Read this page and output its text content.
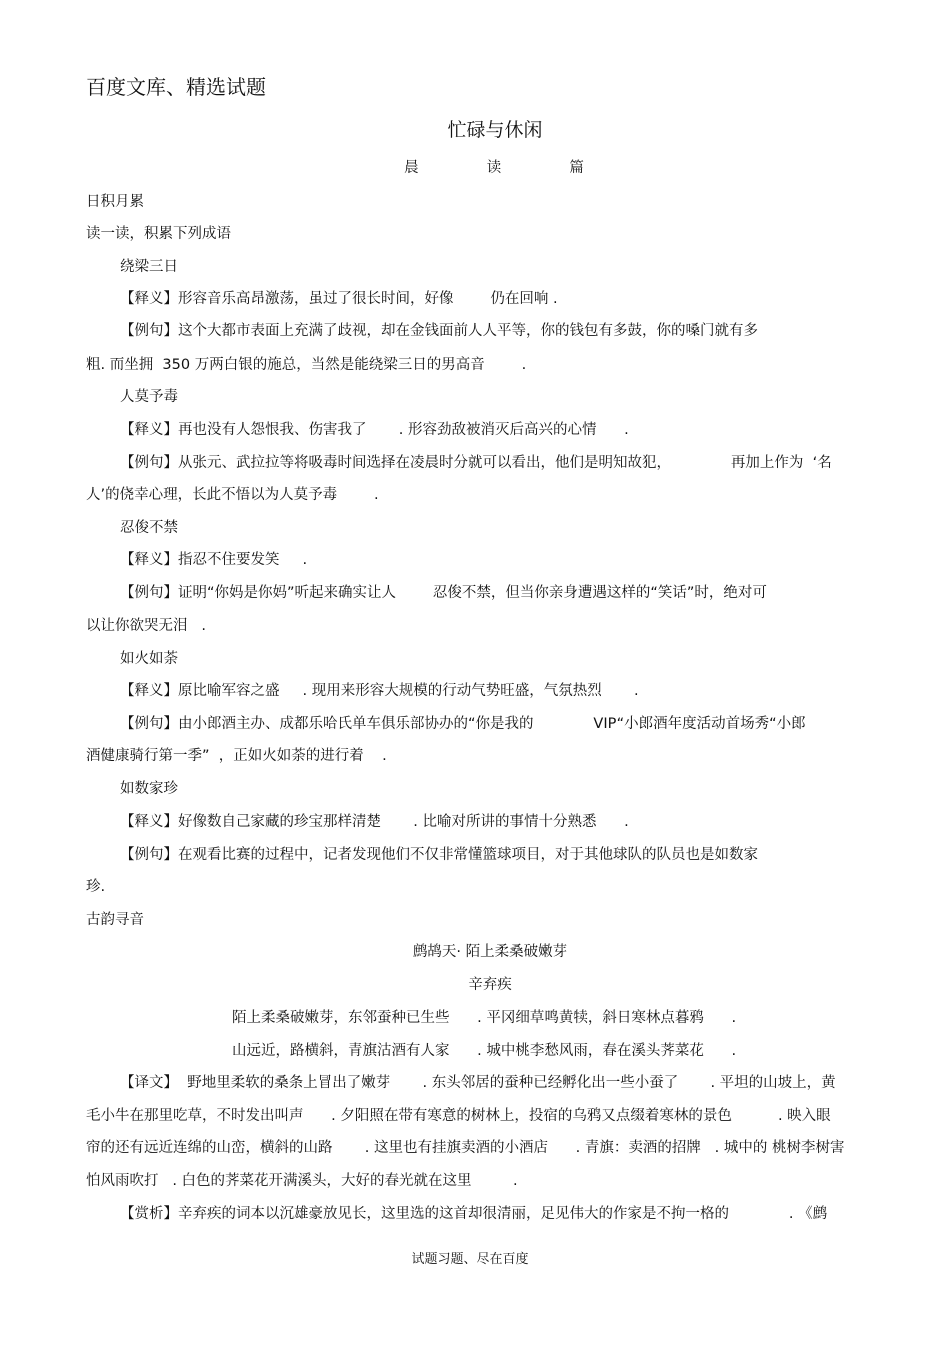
百度文库、精选试题
忙碌与休闲
晨          读          篇
日积月累
读一读，积累下列成语
绕梁三日
【释义】形容音乐高昂激荡，虽过了很长时间，好像        仍在回响 .
【例句】这个大都市表面上充满了歧视，却在金钱面前人人平等，你的钱包有多鼓，你的嗓门就有多
粗. 而坐拥  350 万两白银的施总，当然是能绕梁三日的男高音        .
人莫予毒
【释义】再也没有人怨恨我、伤害我了       . 形容劲敌被消灭后高兴的心情      .
【例句】从张元、武拉拉等将吸毒时间选择在凌晨时分就可以看出，他们是明知故犯，             再加上作为  ‘名
人’的侥幸心理，长此不悟以为人莫予毒        .
忍俊不禁
【释义】指忍不住要发笑     .
【例句】证明“你妈是你妈”听起来确实让人        忍俊不禁，但当你亲身遭遇这样的“笑话”时，绝对可
以让你欲哭无泪   .
如火如荼
【释义】原比喻军容之盛     . 现用来形容大规模的行动气势旺盛，气氛热烈       .
【例句】由小郎酒主办、成都乐哈氏单车俱乐部协办的“你是我的             VIP“小郎酒年度活动首场秀“小郎
酒健康骑行第一季”  ，正如火如荼的进行着    .
如数家珍
【释义】好像数自己家藏的珍宝那样清楚       . 比喻对所讲的事情十分熟悉      .
【例句】在观看比赛的过程中，记者发现他们不仅非常懂篮球项目，对于其他球队的队员也是如数家
珍.
古韵寻音
鹧鸪天· 陌上柔桑破嫩芽
辛弃疾
陌上柔桑破嫩芽，东邻蚕种已生些      . 平冈细草鸣黄犊，斜日寒林点暮鸦      .
山远近，路横斜，青旗沽酒有人家      . 城中桃李愁风雨，春在溪头荠菜花      .
【译文】  野地里柔软的桑条上冒出了嫩芽       . 东头邻居的蚕种已经孵化出一些小蚕了       . 平坦的山坡上，黄
毛小牛在那里吃草，不时发出叫声      . 夕阳照在带有寒意的树林上，投宿的乌鸦又点缀着寒林的景色          . 映入眼
帘的还有远近连绵的山峦，横斜的山路       . 这里也有挂旗卖酒的小酒店      . 青旗：卖酒的招牌   . 城中的 桃树李树害
怕风雨吹打   . 白色的荠菜花开满溪头，大好的春光就在这里         .
【赏析】辛弃疾的词本以沉雄豪放见长，这里选的这首却很清丽，足见伟大的作家是不拘一格的             . 《鹧
试题习题、尽在百度
